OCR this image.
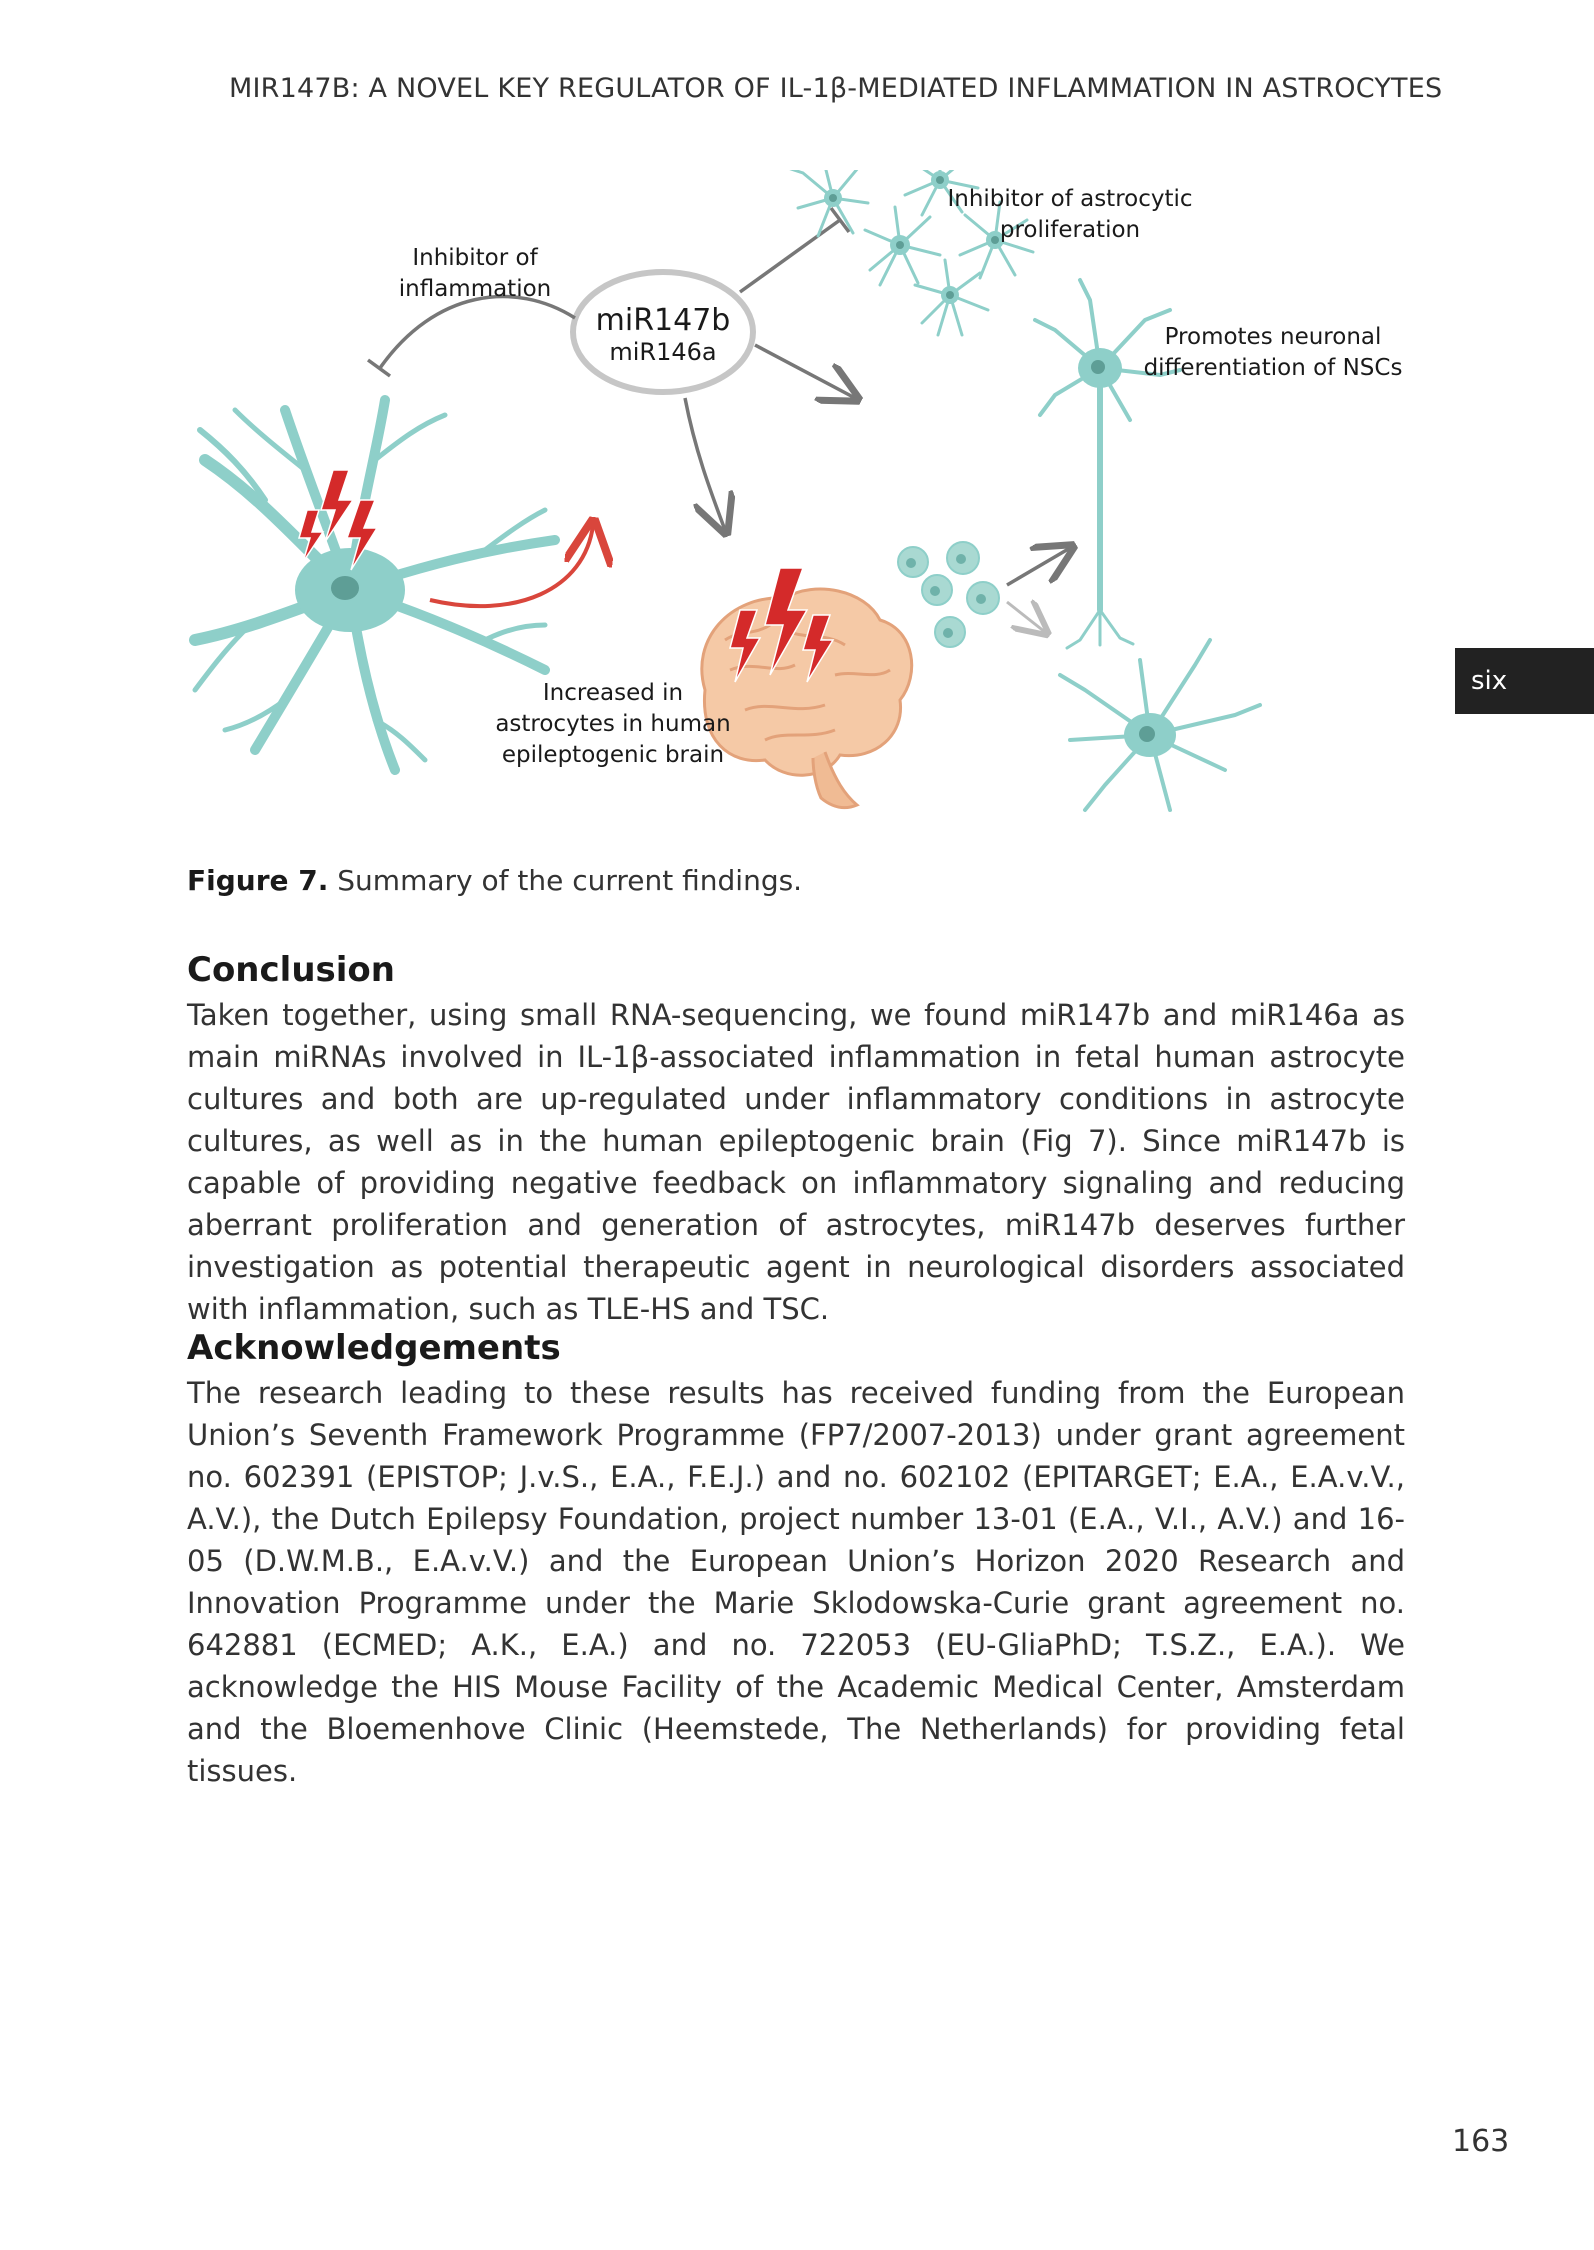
MIR147B: A NOVEL KEY REGULATOR OF IL-1β-MEDIATED INFLAMMATION IN ASTROCYTES
miR147b
miR146a
Inhibitor of
inflammation
Inhibitor of astrocytic
proliferation
Promotes neuronal
differentiation of NSCs
Increased in
astrocytes in human
epileptogenic brain
Figure 7. Summary of the current findings.
Conclusion

Taken together, using small RNA-sequencing, we found miR147b and miR146a as main miRNAs involved in IL-1β-associated inflammation in fetal human astrocyte cultures and both are up-regulated under inflammatory conditions in astrocyte cultures, as well as in the human epileptogenic brain (Fig 7). Since miR147b is capable of providing negative feedback on inflammatory signaling and reducing aberrant proliferation and generation of astrocytes, miR147b deserves further investigation as potential therapeutic agent in neurological disorders associated with inflammation, such as TLE-HS and TSC.

Acknowledgements

The research leading to these results has received funding from the European Union’s Seventh Framework Programme (FP7/2007-2013) under grant agreement no. 602391 (EPISTOP; J.v.S., E.A., F.E.J.) and no. 602102 (EPITARGET; E.A., E.A.v.V., A.V.), the Dutch Epilepsy Foundation, project number 13-01 (E.A., V.I., A.V.) and 16-05 (D.W.M.B., E.A.v.V.) and the European Union’s Horizon 2020 Research and Innovation Programme under the Marie Sklodowska-Curie grant agreement no. 642881 (ECMED; A.K., E.A.) and no. 722053 (EU-GliaPhD; T.S.Z., E.A.). We acknowledge the HIS Mouse Facility of the Academic Medical Center, Amsterdam and the Bloemenhove Clinic (Heemstede, The Netherlands) for providing fetal tissues.

six
163
